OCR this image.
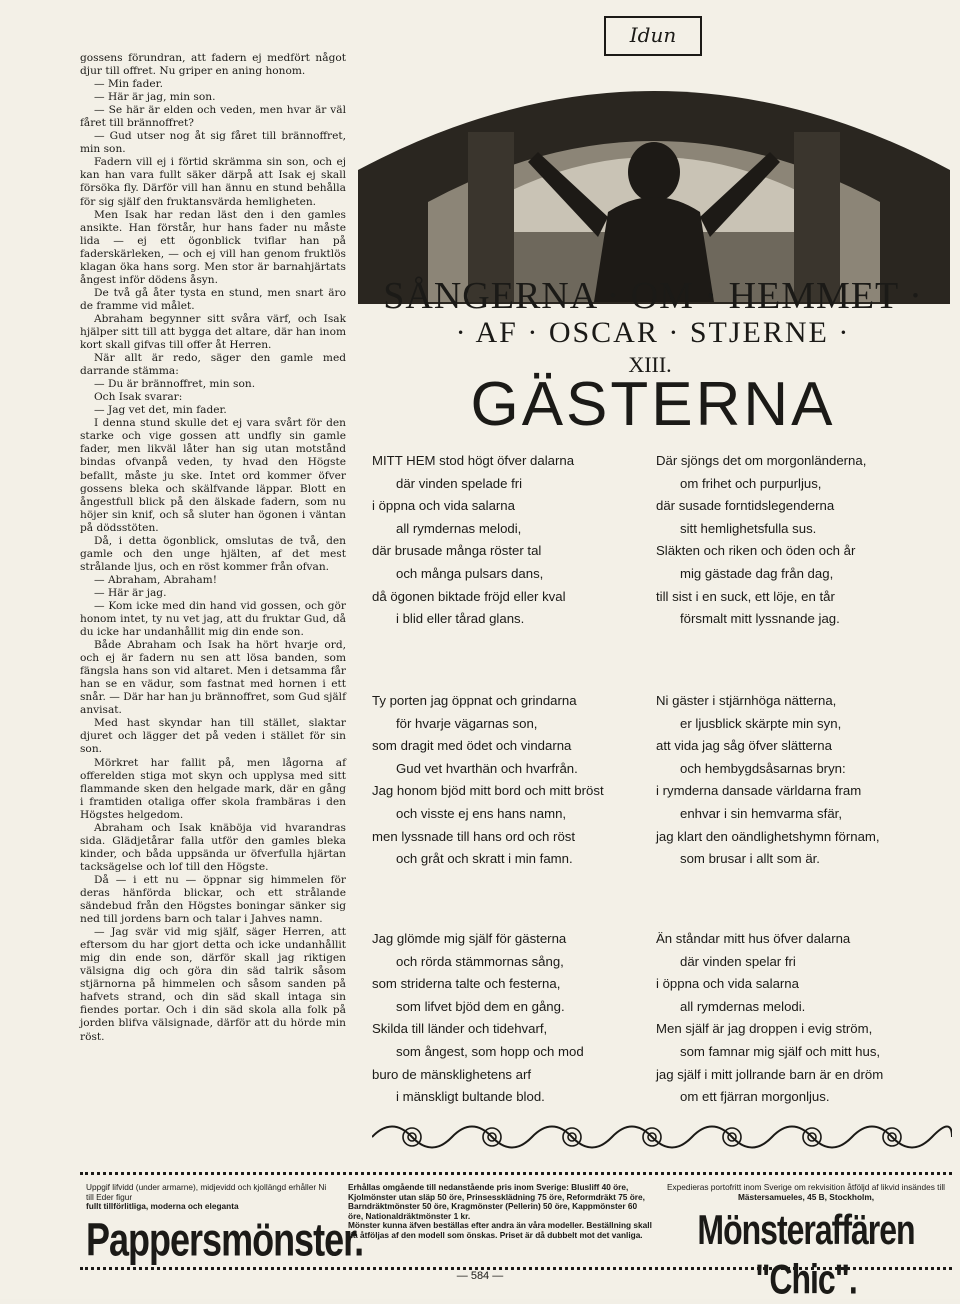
Idun

gossens förundran, att fadern ej medfört något djur till offret. Nu griper en aning honom.

— Min fader.

— Här är jag, min son.

— Se här är elden och veden, men hvar är väl fåret till brännoffret?

— Gud utser nog åt sig fåret till brännoffret, min son.

Fadern vill ej i förtid skrämma sin son, och ej kan han vara fullt säker därpå att Isak ej skall försöka fly. Därför vill han ännu en stund behålla för sig själf den fruktansvärda hemligheten.

Men Isak har redan läst den i den gamles ansikte. Han förstår, hur hans fader nu måste lida — ej ett ögonblick tviflar han på faderskärleken, — och ej vill han genom fruktlös klagan öka hans sorg. Men stor är barnahjärtats ångest inför dödens åsyn.

De två gå åter tysta en stund, men snart äro de framme vid målet.

Abraham begynner sitt svåra värf, och Isak hjälper sitt till att bygga det altare, där han inom kort skall gifvas till offer åt Herren.

När allt är redo, säger den gamle med darrande stämma:

— Du är brännoffret, min son.

Och Isak svarar:

— Jag vet det, min fader.

I denna stund skulle det ej vara svårt för den starke och vige gossen att undfly sin gamle fader, men likväl låter han sig utan motstånd bindas ofvanpå veden, ty hvad den Högste befallt, måste ju ske. Intet ord kommer öfver gossens bleka och skälfvande läppar. Blott en ångestfull blick på den älskade fadern, som nu höjer sin knif, och så sluter han ögonen i väntan på dödsstöten.

Då, i detta ögonblick, omslutas de två, den gamle och den unge hjälten, af det mest strålande ljus, och en röst kommer från ofvan.

— Abraham, Abraham!

— Här är jag.

— Kom icke med din hand vid gossen, och gör honom intet, ty nu vet jag, att du fruktar Gud, då du icke har undanhållit mig din ende son.

Både Abraham och Isak ha hört hvarje ord, och ej är fadern nu sen att lösa banden, som fängsla hans son vid altaret. Men i detsamma får han se en vädur, som fastnat med hornen i ett snår. — Där har han ju brännoffret, som Gud själf anvisat.

Med hast skyndar han till stället, slaktar djuret och lägger det på veden i stället för sin son.

Mörkret har fallit på, men lågorna af offerelden stiga mot skyn och upplysa med sitt flammande sken den helgade mark, där en gång i framtiden otaliga offer skola frambäras i den Högstes helgedom.

Abraham och Isak knäböja vid hvarandras sida. Glädjetårar falla utför den gamles bleka kinder, och båda uppsända ur öfverfulla hjärtan tacksägelse och lof till den Högste.

Då — i ett nu — öppnar sig himmelen för deras hänförda blickar, och ett strålande sändebud från den Högstes boningar sänker sig ned till jordens barn och talar i Jahves namn.

— Jag svär vid mig själf, säger Herren, att eftersom du har gjort detta och icke undanhållit mig din ende son, därför skall jag riktigen välsigna dig och göra din säd talrik såsom stjärnorna på himmelen och såsom sanden på hafvets strand, och din säd skall intaga sin fiendes portar. Och i din säd skola alla folk på jorden blifva välsignade, därför att du hörde min röst.

SÅNGERNA · OM · HEMMET ·
· AF · OSCAR · STJERNE ·
XIII.
GÄSTERNA
MITT HEM stod högt öfver dalarna
där vinden spelade fri
i öppna och vida salarna
all rymdernas melodi,
där brusade många röster tal
och många pulsars dans,
då ögonen biktade fröjd eller kval
i blid eller tårad glans.
Där sjöngs det om morgonländerna,
om frihet och purpurljus,
där susade forntidslegenderna
sitt hemlighetsfulla sus.
Släkten och riken och öden och år
mig gästade dag från dag,
till sist i en suck, ett löje, en tår
försmalt mitt lyssnande jag.
Ty porten jag öppnat och grindarna
för hvarje vägarnas son,
som dragit med ödet och vindarna
Gud vet hvarthän och hvarfrån.
Jag honom bjöd mitt bord och mitt bröst
och visste ej ens hans namn,
men lyssnade till hans ord och röst
och gråt och skratt i min famn.
Ni gäster i stjärnhöga nätterna,
er ljusblick skärpte min syn,
att vida jag såg öfver slätterna
och hembygdsåsarnas bryn:
i rymderna dansade världarna fram
enhvar i sin hemvarma sfär,
jag klart den oändlighetshymn förnam,
som brusar i allt som är.
Jag glömde mig själf för gästerna
och rörda stämmornas sång,
som striderna talte och festerna,
som lifvet bjöd dem en gång.
Skilda till länder och tidehvarf,
som ångest, som hopp och mod
buro de mänsklighetens arf
i mänskligt bultande blod.
Än ståndar mitt hus öfver dalarna
där vinden spelar fri
i öppna och vida salarna
all rymdernas melodi.
Men själf är jag droppen i evig ström,
som famnar mig själf och mitt hus,
jag själf i mitt jollrande barn är en dröm
om ett fjärran morgonljus.
Uppgif lifvidd (under armarne), midjevidd och kjollängd erhåller Ni till Eder figur
fullt tillförlitliga, moderna och eleganta
Pappersmönster.
Erhållas omgående till nedanstående pris inom Sverige: Blusliff 40 öre, Kjolmönster utan släp 50 öre, Prinsessklädning 75 öre, Reformdräkt 75 öre, Barndräktmönster 50 öre, Kragmönster (Pellerin) 50 öre, Kappmönster 60 öre, Nationaldräktmönster 1 kr.
Mönster kunna äfven beställas efter andra än våra modeller. Beställning skall då åtföljas af den modell som önskas. Priset är då dubbelt mot det vanliga.
Expedieras portofritt inom Sverige om rekvisition åtföljd af likvid insändes till
Mästersamueles, 45 B, Stockholm,
Mönsteraffären "Chic".
— 584 —
